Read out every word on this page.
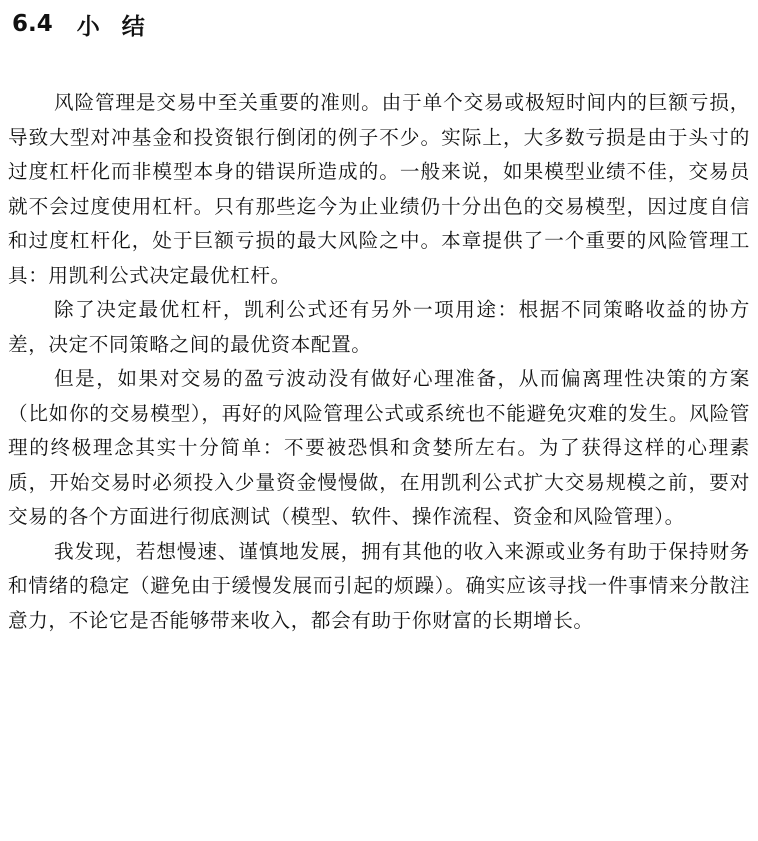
6.4 小结

风险管理是交易中至关重要的准则。由于单个交易或极短时间内的巨额亏损，导致大型对冲基金和投资银行倒闭的例子不少。实际上，大多数亏损是由于头寸的过度杠杆化而非模型本身的错误所造成的。一般来说，如果模型业绩不佳，交易员就不会过度使用杠杆。只有那些迄今为止业绩仍十分出色的交易模型，因过度自信和过度杠杆化，处于巨额亏损的最大风险之中。本章提供了一个重要的风险管理工具：用凯利公式决定最优杠杆。

除了决定最优杠杆，凯利公式还有另外一项用途：根据不同策略收益的协方差，决定不同策略之间的最优资本配置。

但是，如果对交易的盈亏波动没有做好心理准备，从而偏离理性决策的方案（比如你的交易模型），再好的风险管理公式或系统也不能避免灾难的发生。风险管理的终极理念其实十分简单：不要被恐惧和贪婪所左右。为了获得这样的心理素质，开始交易时必须投入少量资金慢慢做，在用凯利公式扩大交易规模之前，要对交易的各个方面进行彻底测试（模型、软件、操作流程、资金和风险管理）。

我发现，若想慢速、谨慎地发展，拥有其他的收入来源或业务有助于保持财务和情绪的稳定（避免由于缓慢发展而引起的烦躁）。确实应该寻找一件事情来分散注意力，不论它是否能够带来收入，都会有助于你财富的长期增长。
